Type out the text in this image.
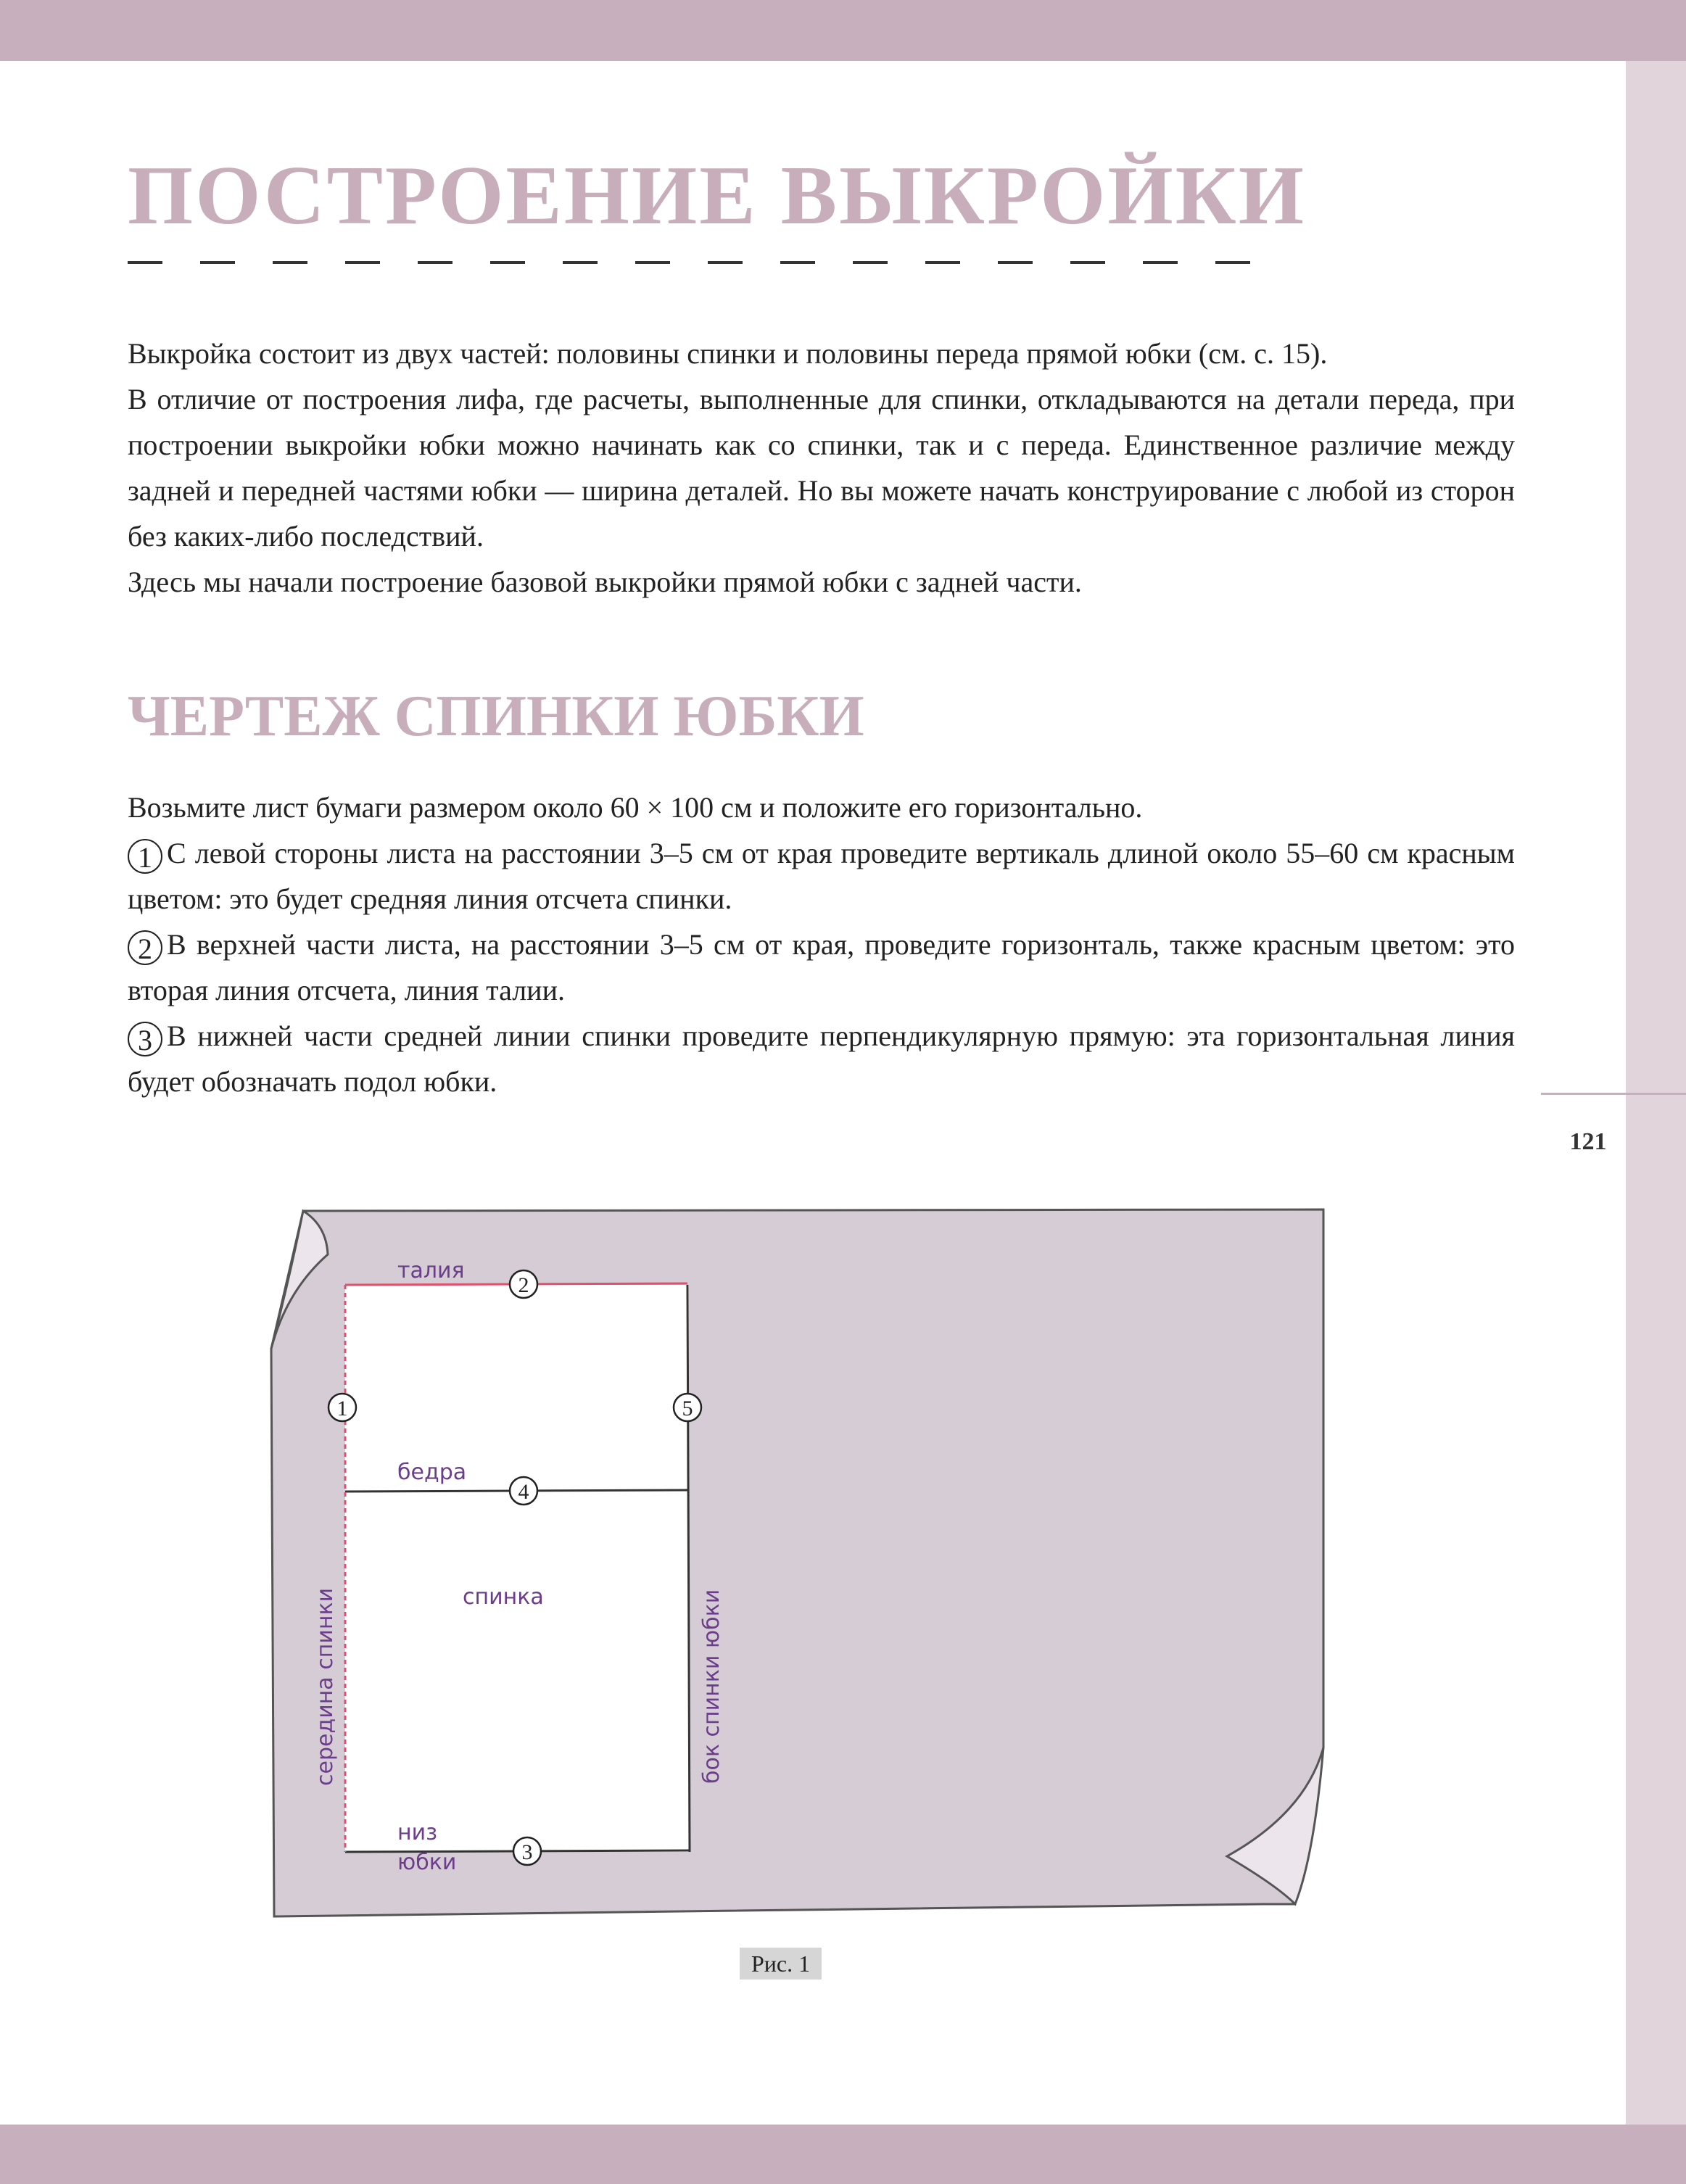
121
ПОСТРОЕНИЕ ВЫКРОЙКИ

Выкройка состоит из двух частей: половины спинки и половины переда прямой юбки (см. с. 15).

В отличие от построения лифа, где расчеты, выполненные для спинки, откладываются на детали переда, при построении выкройки юбки можно начинать как со спинки, так и с переда. Единственное различие между задней и передней частями юбки — ширина деталей. Но вы можете начать конструирование с любой из сторон без каких-либо последствий.

Здесь мы начали построение базовой выкройки прямой юбки с задней части.

ЧЕРТЕЖ СПИНКИ ЮБКИ

Возьмите лист бумаги размером около 60 × 100 см и положите его горизонтально.

1 С левой стороны листа на расстоянии 3–5 см от края проведите вертикаль длиной около 55–60 см красным цветом: это будет средняя линия отсчета спинки.

2 В верхней части листа, на расстоянии 3–5 см от края, проведите горизонталь, также красным цветом: это вторая линия отсчета, линия талии.

3 В нижней части средней линии спинки проведите перпендикулярную прямую: эта горизонтальная линия будет обозначать подол юбки.

талия
бедра
спинка
низ
юбки
середина спинки	бок спинки юбки
1
2
3
4
5
Рис. 1
